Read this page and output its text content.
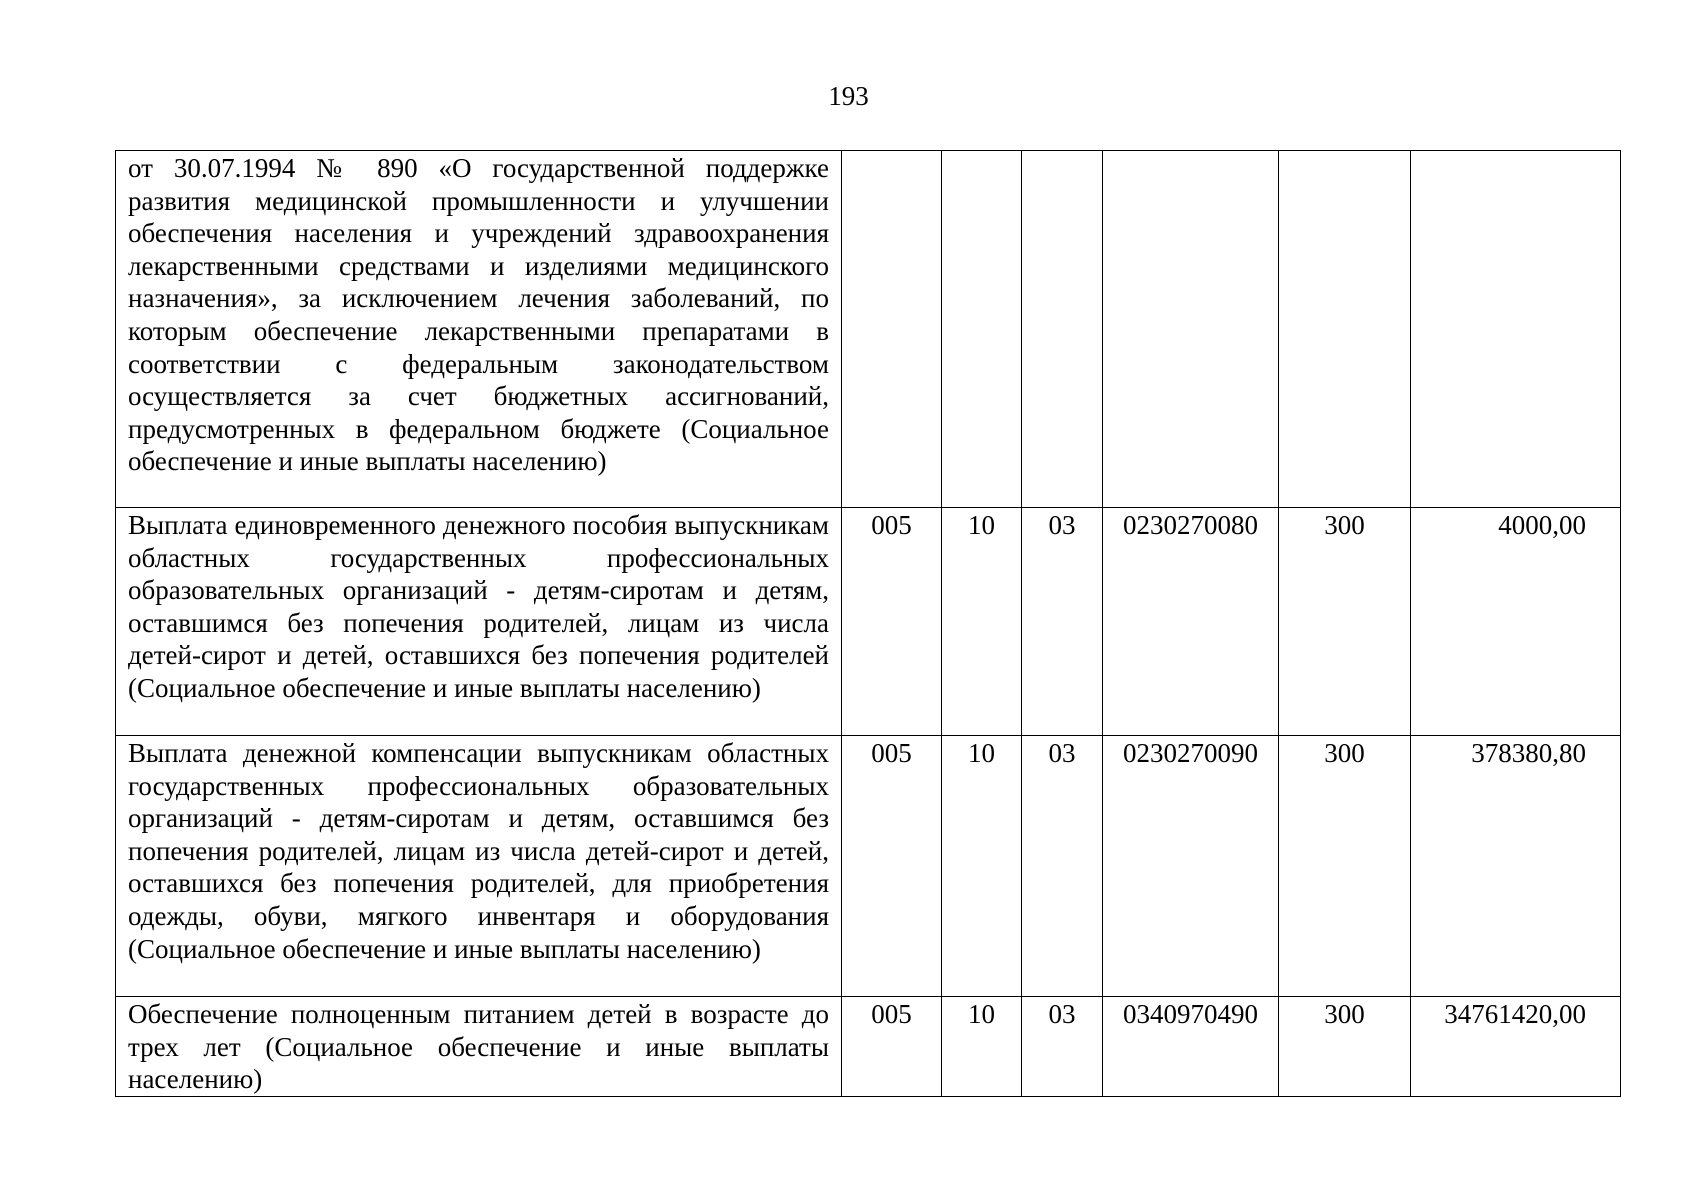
193
от 30.07.1994 № 890 «О государственной поддержке развития медицинской промышленности и улучшении обеспечения населения и учреждений здравоохранения лекарственными средствами и изделиями медицинского назначения», за исключением лечения заболеваний, по которым обеспечение лекарственными препаратами в соответствии с федеральным законодательством осуществляется за счет бюджетных ассигнований, предусмотренных в федеральном бюджете (Социальное обеспечение и иные выплаты населению)						
Выплата единовременного денежного пособия выпускникам областных государственных профессиональных образовательных организаций - детям-сиротам и детям, оставшимся без попечения родителей, лицам из числа детей-сирот и детей, оставшихся без попечения родителей (Социальное обеспечение и иные выплаты населению)	005	10	03	0230270080	300	4000,00
Выплата денежной компенсации выпускникам областных государственных профессиональных образовательных организаций - детям-сиротам и детям, оставшимся без попечения родителей, лицам из числа детей-сирот и детей, оставшихся без попечения родителей, для приобретения одежды, обуви, мягкого инвентаря и оборудования (Социальное обеспечение и иные выплаты населению)	005	10	03	0230270090	300	378380,80
Обеспечение полноценным питанием детей в возрасте до трех лет (Социальное обеспечение и иные выплаты населению)	005	10	03	0340970490	300	34761420,00
